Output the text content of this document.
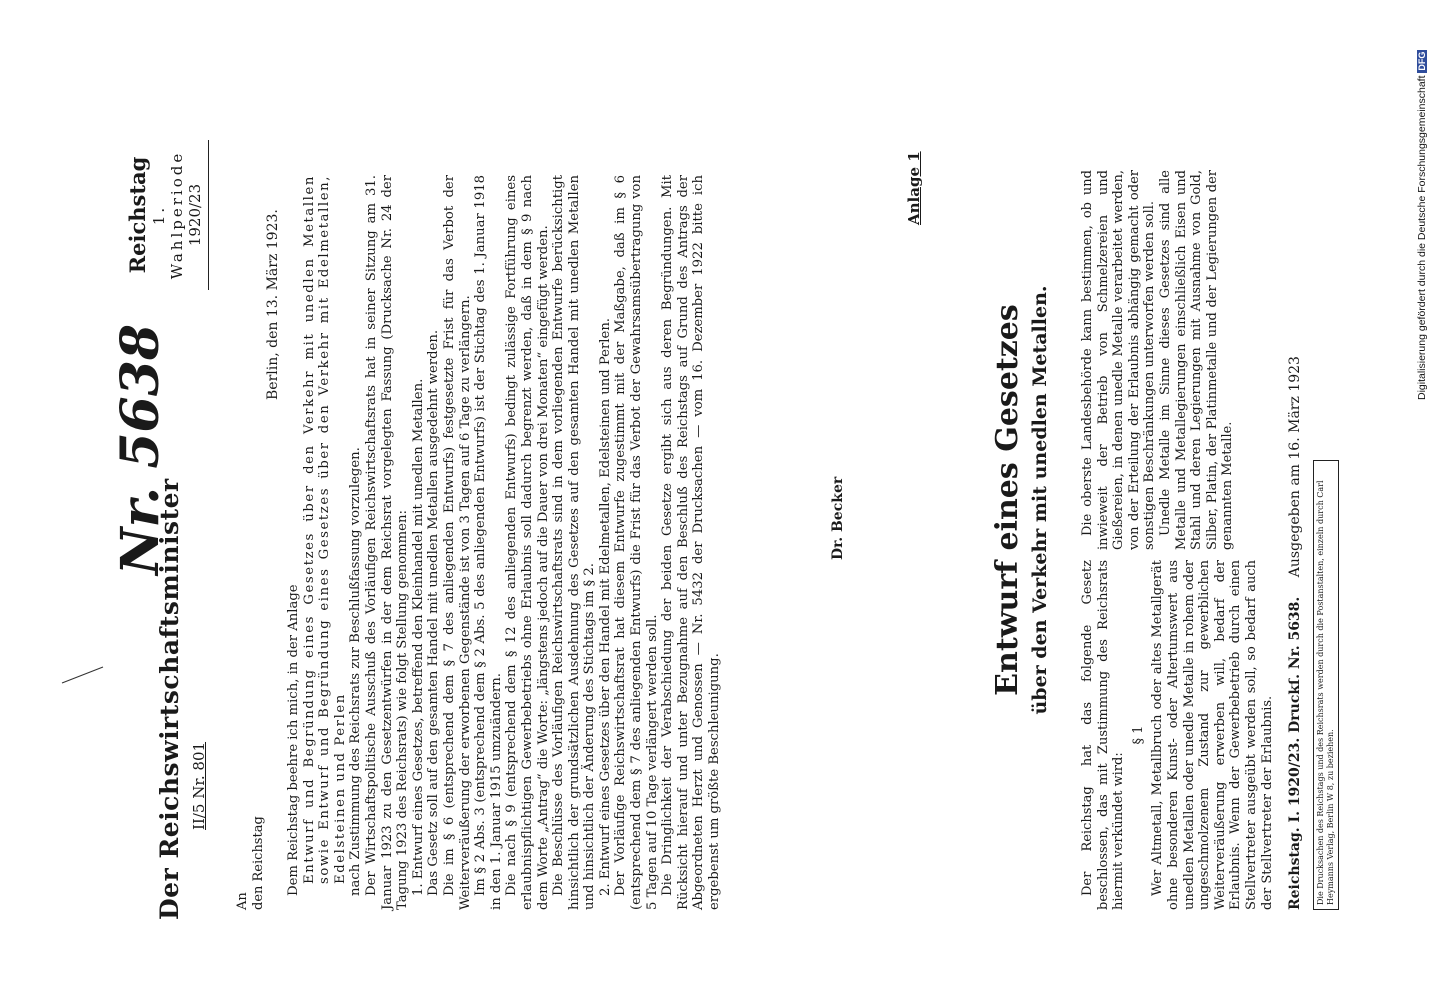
Der Reichswirtschaftsminister II/5 Nr. 801
Nr. 5638
Reichstag 1. Wahlperiode 1920/23
An den Reichstag
Berlin, den 13. März 1923.

Dem Reichstag beehre ich mich, in der Anlage Entwurf und Begründung eines Gesetzes über den Verkehr mit unedlen Metallen sowie Entwurf und Begründung eines Gesetzes über den Verkehr mit Edelmetallen, Edelsteinen und Perlen nach Zustimmung des Reichsrats zur Beschlußfassung vorzulegen. Der Wirtschaftspolitische Ausschuß des Vorläufigen Reichswirtschaftsrats hat in seiner Sitzung am 31. Januar 1923 zu den Gesetzentwürfen in der dem Reichsrat vorgelegten Fassung (Drucksache Nr. 24 der Tagung 1923 des Reichsrats) wie folgt Stellung genommen: 1. Entwurf eines Gesetzes, betreffend den Kleinhandel mit unedlen Metallen. Das Gesetz soll auf den gesamten Handel mit unedlen Metallen ausgedehnt werden. Die im § 6 (entsprechend dem § 7 des anliegenden Entwurfs) festgesetzte Frist für das Verbot der Weiterveräußerung der erworbenen Gegenstände ist von 3 Tagen auf 6 Tage zu verlängern. Im § 2 Abs. 3 (entsprechend dem § 2 Abs. 5 des anliegenden Entwurfs) ist der Stichtag des 1. Januar 1918 in den 1. Januar 1915 umzuändern. Die nach § 9 (entsprechend dem § 12 des anliegenden Entwurfs) bedingt zulässige Fortführung eines erlaubnispflichtigen Gewerbebetriebs ohne Erlaubnis soll dadurch begrenzt werden, daß in dem § 9 nach dem Worte „Antrag“ die Worte: „längstens jedoch auf die Dauer von drei Monaten“ eingefügt werden. Die Beschlüsse des Vorläufigen Reichswirtschaftsrats sind in dem vorliegenden Entwurfe berücksichtigt hinsichtlich der grundsätzlichen Ausdehnung des Gesetzes auf den gesamten Handel mit unedlen Metallen und hinsichtlich der Änderung des Stichtags im § 2. 2. Entwurf eines Gesetzes über den Handel mit Edelmetallen, Edelsteinen und Perlen. Der Vorläufige Reichswirtschaftsrat hat diesem Entwurfe zugestimmt mit der Maßgabe, daß im § 6 (entsprechend dem § 7 des anliegenden Entwurfs) die Frist für das Verbot der Gewahrsamsübertragung von 5 Tagen auf 10 Tage verlängert werden soll. Die Dringlichkeit der Verabschiedung der beiden Gesetze ergibt sich aus deren Begründungen. Mit Rücksicht hierauf und unter Bezugnahme auf den Beschluß des Reichstags auf Grund des Antrags der Abgeordneten Herzt und Genossen — Nr. 5432 der Drucksachen — vom 16. Dezember 1922 bitte ich ergebenst um größte Beschleunigung.

Dr. Becker
Anlage 1
Entwurf eines Gesetzes über den Verkehr mit unedlen Metallen.

Der Reichstag hat das folgende Gesetz beschlossen, das mit Zustimmung des Reichsrats hiermit verkündet wird:

§ 1 Wer Altmetall, Metallbruch oder altes Metallgerät ohne besonderen Kunst- oder Altertumswert aus unedlen Metallen oder unedle Metalle in rohem oder ungeschmolzenem Zustand zur gewerblichen Weiterveräußerung erwerben will, bedarf der Erlaubnis. Wenn der Gewerbebetrieb durch einen Stellvertreter ausgeübt werden soll, so bedarf auch der Stellvertreter der Erlaubnis.

Die oberste Landesbehörde kann bestimmen, ob und inwieweit der Betrieb von Schmelzereien und Gießereien, in denen unedle Metalle verarbeitet werden, von der Erteilung der Erlaubnis abhängig gemacht oder sonstigen Beschränkungen unterworfen werden soll. Unedle Metalle im Sinne dieses Gesetzes sind alle Metalle und Metallegierungen einschließlich Eisen und Stahl und deren Legierungen mit Ausnahme von Gold, Silber, Platin, der Platinmetalle und der Legierungen der genannten Metalle.

Reichstag. I. 1920/23. Druckſ. Nr. 5638.    Ausgegeben am 16. März 1923
Die Drucksachen des Reichstags und des Reichsrats werden durch die Postanstalten, einzeln durch Carl Heymanns Verlag, Berlin W 8, zu beziehen.
Digitalisierung gefördert durch die Deutsche Forschungsgemeinschaft DFG
